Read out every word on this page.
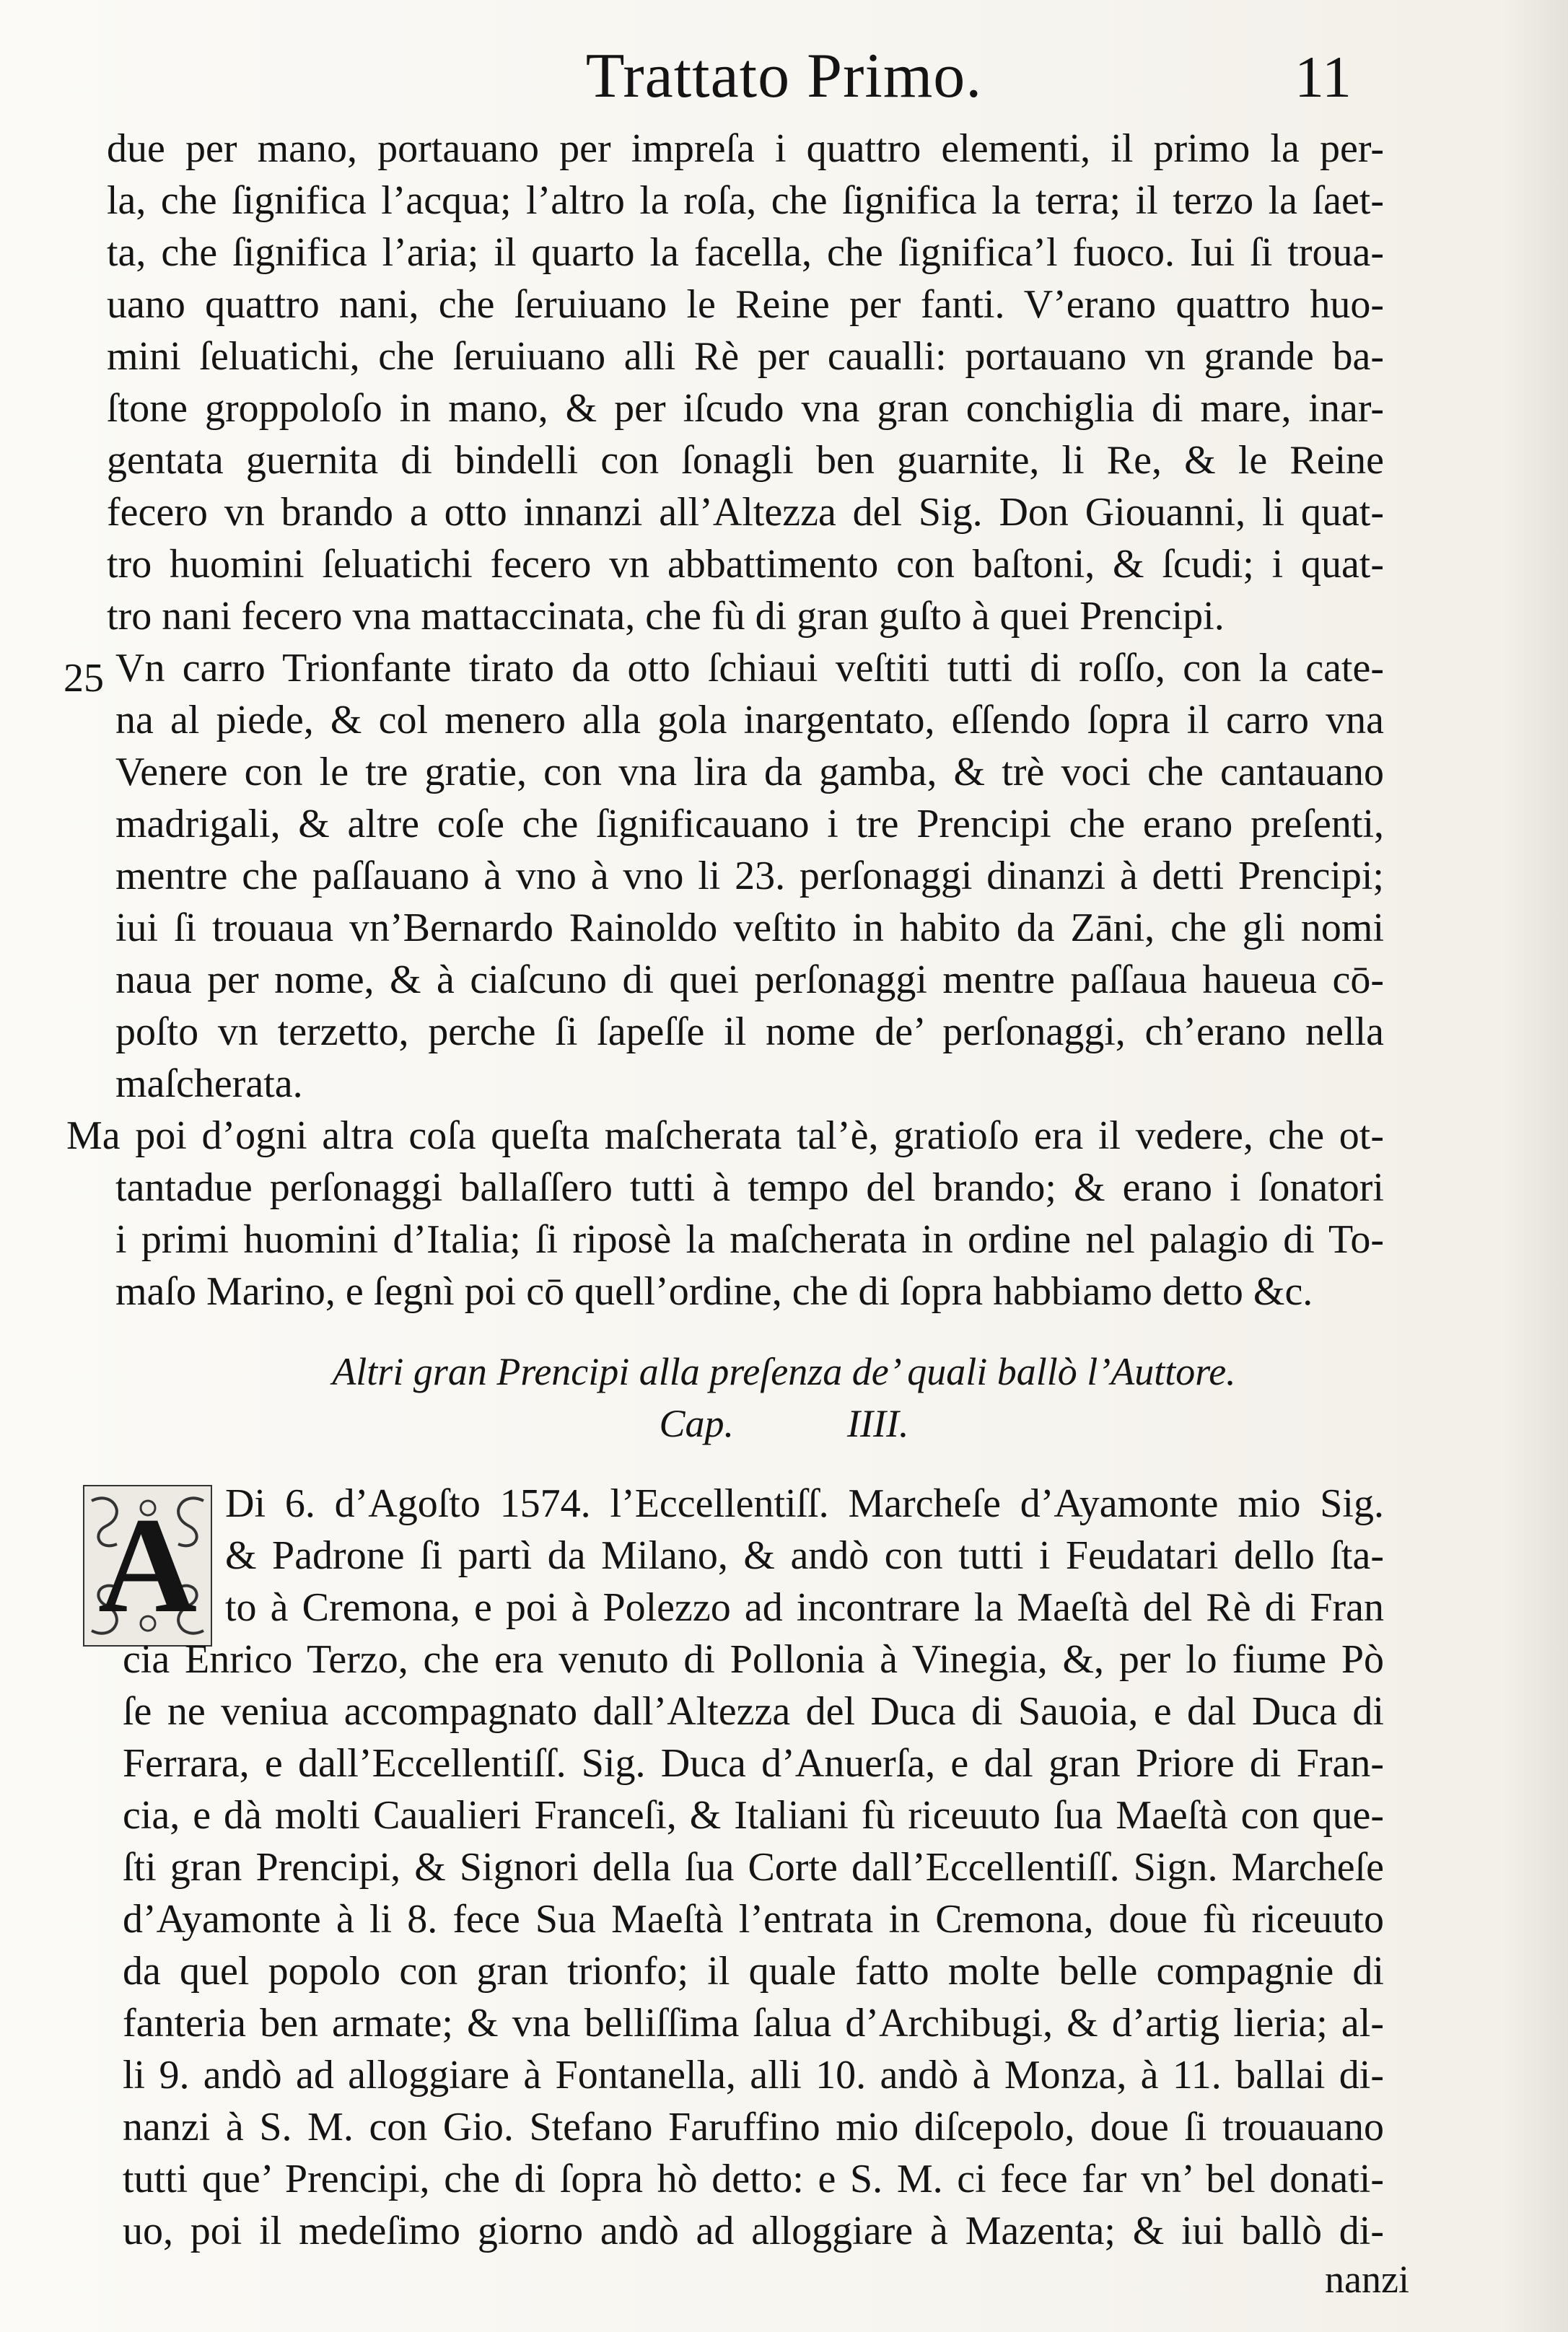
Trattato Primo.	11
due per mano, portauano per impreſa i quattro elementi, il primo la per-
la, che ſignifica l’acqua; l’altro la roſa, che ſignifica la terra; il terzo la ſaet-
ta, che ſignifica l’aria; il quarto la facella, che ſignifica’l fuoco. Iui ſi troua-
uano quattro nani, che ſeruiuano le Reine per fanti. V’erano quattro huo-
mini ſeluatichi, che ſeruiuano alli Rè per caualli: portauano vn grande ba-
ſtone groppoloſo in mano, & per iſcudo vna gran conchiglia di mare, inar-
gentata guernita di bindelli con ſonagli ben guarnite, li Re, & le Reine
fecero vn brando a otto innanzi all’Altezza del Sig. Don Giouanni, li quat-
tro huomini ſeluatichi fecero vn abbattimento con baſtoni, & ſcudi; i quat-
tro nani fecero vna mattaccinata, che fù di gran guſto à quei Prencipi.
25 Vn carro Trionfante tirato da otto ſchiaui veſtiti tutti di roſſo, con la cate-
na al piede, & col menero alla gola inargentato, eſſendo ſopra il carro vna
Venere con le tre gratie, con vna lira da gamba, & trè voci che cantauano
madrigali, & altre coſe che ſignificauano i tre Prencipi che erano preſenti,
mentre che paſſauano à vno à vno li 23. perſonaggi dinanzi à detti Prencipi;
iui ſi trouaua vn’Bernardo Rainoldo veſtito in habito da Zāni, che gli nomi
naua per nome, & à ciaſcuno di quei perſonaggi mentre paſſaua haueua cō-
poſto vn terzetto, perche ſi ſapeſſe il nome de’ perſonaggi, ch’erano nella
maſcherata.
Ma poi d’ogni altra coſa queſta maſcherata tal’è, gratioſo era il vedere, che ot-
tantadue perſonaggi ballaſſero tutti à tempo del brando; & erano i ſonatori
i primi huomini d’Italia; ſi riposè la maſcherata in ordine nel palagio di To-
maſo Marino, e ſegnì poi cō quell’ordine, che di ſopra habbiamo detto &c.
Altri gran Prencipi alla preſenza de’ quali ballò l’Auttore.
Cap.	IIII.
A Di 6. d’Agoſto 1574. l’Eccellentiſſ. Marcheſe d’Ayamonte mio Sig.
& Padrone ſi partì da Milano, & andò con tutti i Feudatari dello ſta-
to à Cremona, e poi à Polezzo ad incontrare la Maeſtà del Rè di Fran
cia Enrico Terzo, che era venuto di Pollonia à Vinegia, &, per lo fiume Pò
ſe ne veniua accompagnato dall’Altezza del Duca di Sauoia, e dal Duca di
Ferrara, e dall’Eccellentiſſ. Sig. Duca d’Anuerſa, e dal gran Priore di Fran-
cia, e dà molti Caualieri Franceſi, & Italiani fù riceuuto ſua Maeſtà con que-
ſti gran Prencipi, & Signori della ſua Corte dall’Eccellentiſſ. Sign. Marcheſe
d’Ayamonte à li 8. fece Sua Maeſtà l’entrata in Cremona, doue fù riceuuto
da quel popolo con gran trionfo; il quale fatto molte belle compagnie di
fanteria ben armate; & vna belliſſima ſalua d’Archibugi, & d’artig lieria; al-
li 9. andò ad alloggiare à Fontanella, alli 10. andò à Monza, à 11. ballai di-
nanzi à S. M. con Gio. Stefano Faruffino mio diſcepolo, doue ſi trouauano
tutti que’ Prencipi, che di ſopra hò detto: e S. M. ci fece far vn’ bel donati-
uo, poi il medeſimo giorno andò ad alloggiare à Mazenta; & iui ballò di-
nanzi
